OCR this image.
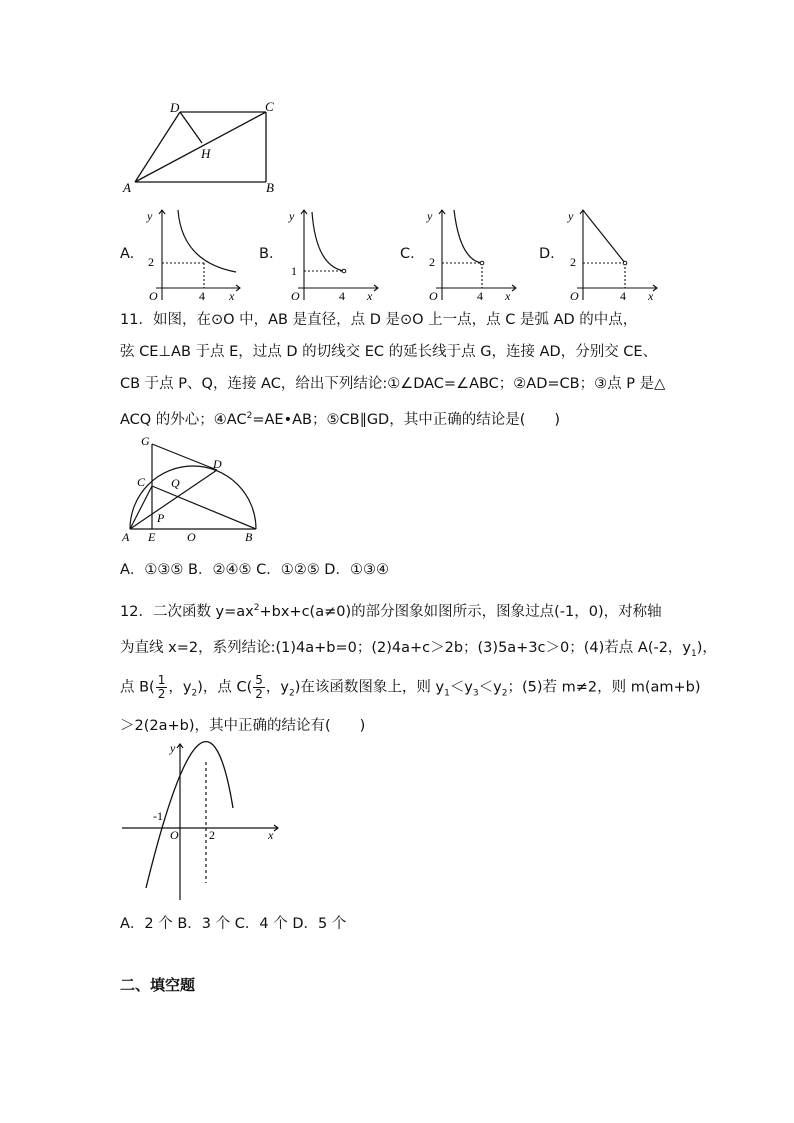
D	C
H
A	B
A.
y
2
O	4 x
B.
y
1
O	4 x
C.
y
2
O	4 x
D.
y
2
O	4 x
11．如图，在⊙O 中，AB 是直径，点 D 是⊙O 上一点，点 C 是弧 AD 的中点，
弦 CE⊥AB 于点 E，过点 D 的切线交 EC 的延长线于点 G，连接 AD，分别交 CE、
CB 于点 P、Q，连接 AC，给出下列结论:①∠DAC=∠ABC；②AD=CB；③点 P 是△
ACQ 的外心；$④AC^2=AE•AB$；⑤CB∥GD，其中正确的结论是(　　)
G
D
C Q
P
A E	O	B
A．①③⑤ B．②④⑤ C．①②⑤ D．①③④
12．二次函数 $y=ax^2+bx+c(a\ne 0)$的部分图象如图所示，图象过点(-1，0)，对称轴
为直线 x=2，系列结论:(1)4a+b=0；(2)4a+c＞2b；(3)5a+3c＞0；(4)若点 A(-2，$y_1$)，
点 $B( \frac{1}{2}$ ，$y_2$)，点 $C( \frac{5}{2}$ ，$y_2$)在该函数图象上，则 $y_1<y_3<y_2$；(5)若 m≠2，则 m(am+b)
＞2(2a+b)，其中正确的结论有(　　)
y
x
O
-1
2
A．2 个 B．3 个 C．4 个 D．5 个
二、填空题
